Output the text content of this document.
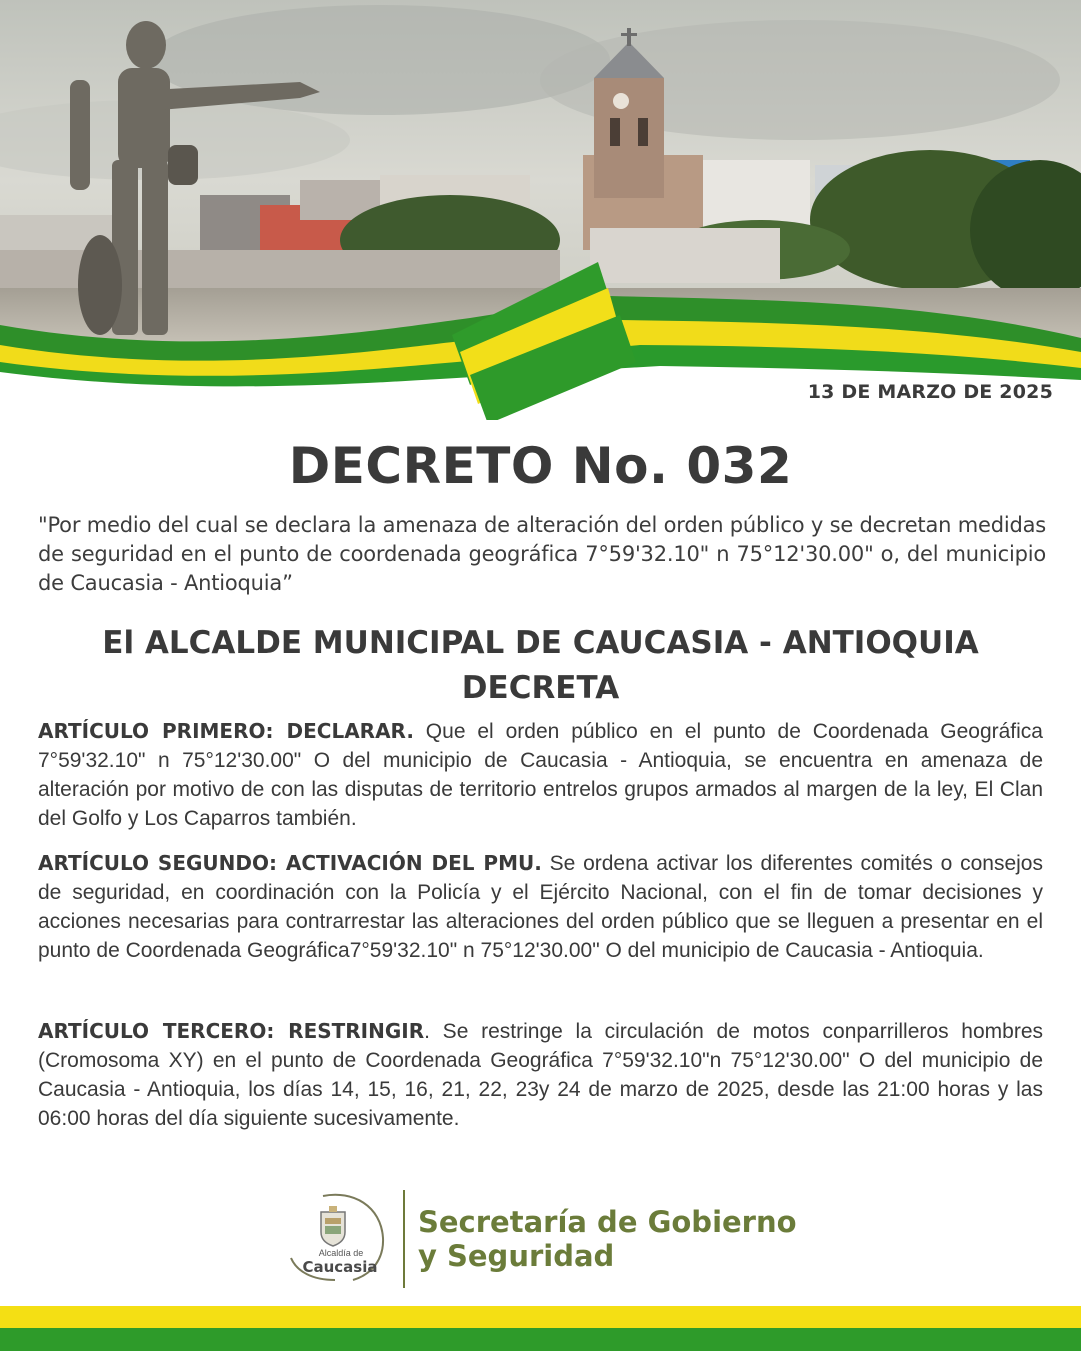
13 DE MARZO DE 2025
DECRETO No. 032
"Por medio del cual se declara la amenaza de alteración del orden público y se decretan medidas de seguridad en el punto de coordenada geográfica 7°59'32.10" n 75°12'30.00" o, del municipio de Caucasia - Antioquia”
El ALCALDE MUNICIPAL DE CAUCASIA - ANTIOQUIA
DECRETA
ARTÍCULO PRIMERO: DECLARAR. Que el orden público en el punto de Coordenada Geográfica 7°59'32.10" n 75°12'30.00" O del municipio de Caucasia - Antioquia, se encuentra en amenaza de alteración por motivo de con las disputas de territorio entrelos grupos armados al margen de la ley, El Clan del Golfo y Los Caparros también.
ARTÍCULO SEGUNDO: ACTIVACIÓN DEL PMU. Se ordena activar los diferentes comités o consejos de seguridad, en coordinación con la Policía y el Ejército Nacional, con el fin de tomar decisiones y acciones necesarias para contrarrestar las alteraciones del orden público que se lleguen a presentar en el punto de Coordenada Geográfica7°59'32.10" n 75°12'30.00" O del municipio de Caucasia - Antioquia.
ARTÍCULO TERCERO: RESTRINGIR. Se restringe la circulación de motos conparrilleros hombres (Cromosoma XY) en el punto de Coordenada Geográfica 7°59'32.10"n 75°12'30.00" O del municipio de Caucasia - Antioquia, los días 14, 15, 16, 21, 22, 23y 24 de marzo de 2025, desde las 21:00 horas y las 06:00 horas del día siguiente sucesivamente.
Alcaldía de
Caucasia
Secretaría de Gobierno
y Seguridad
